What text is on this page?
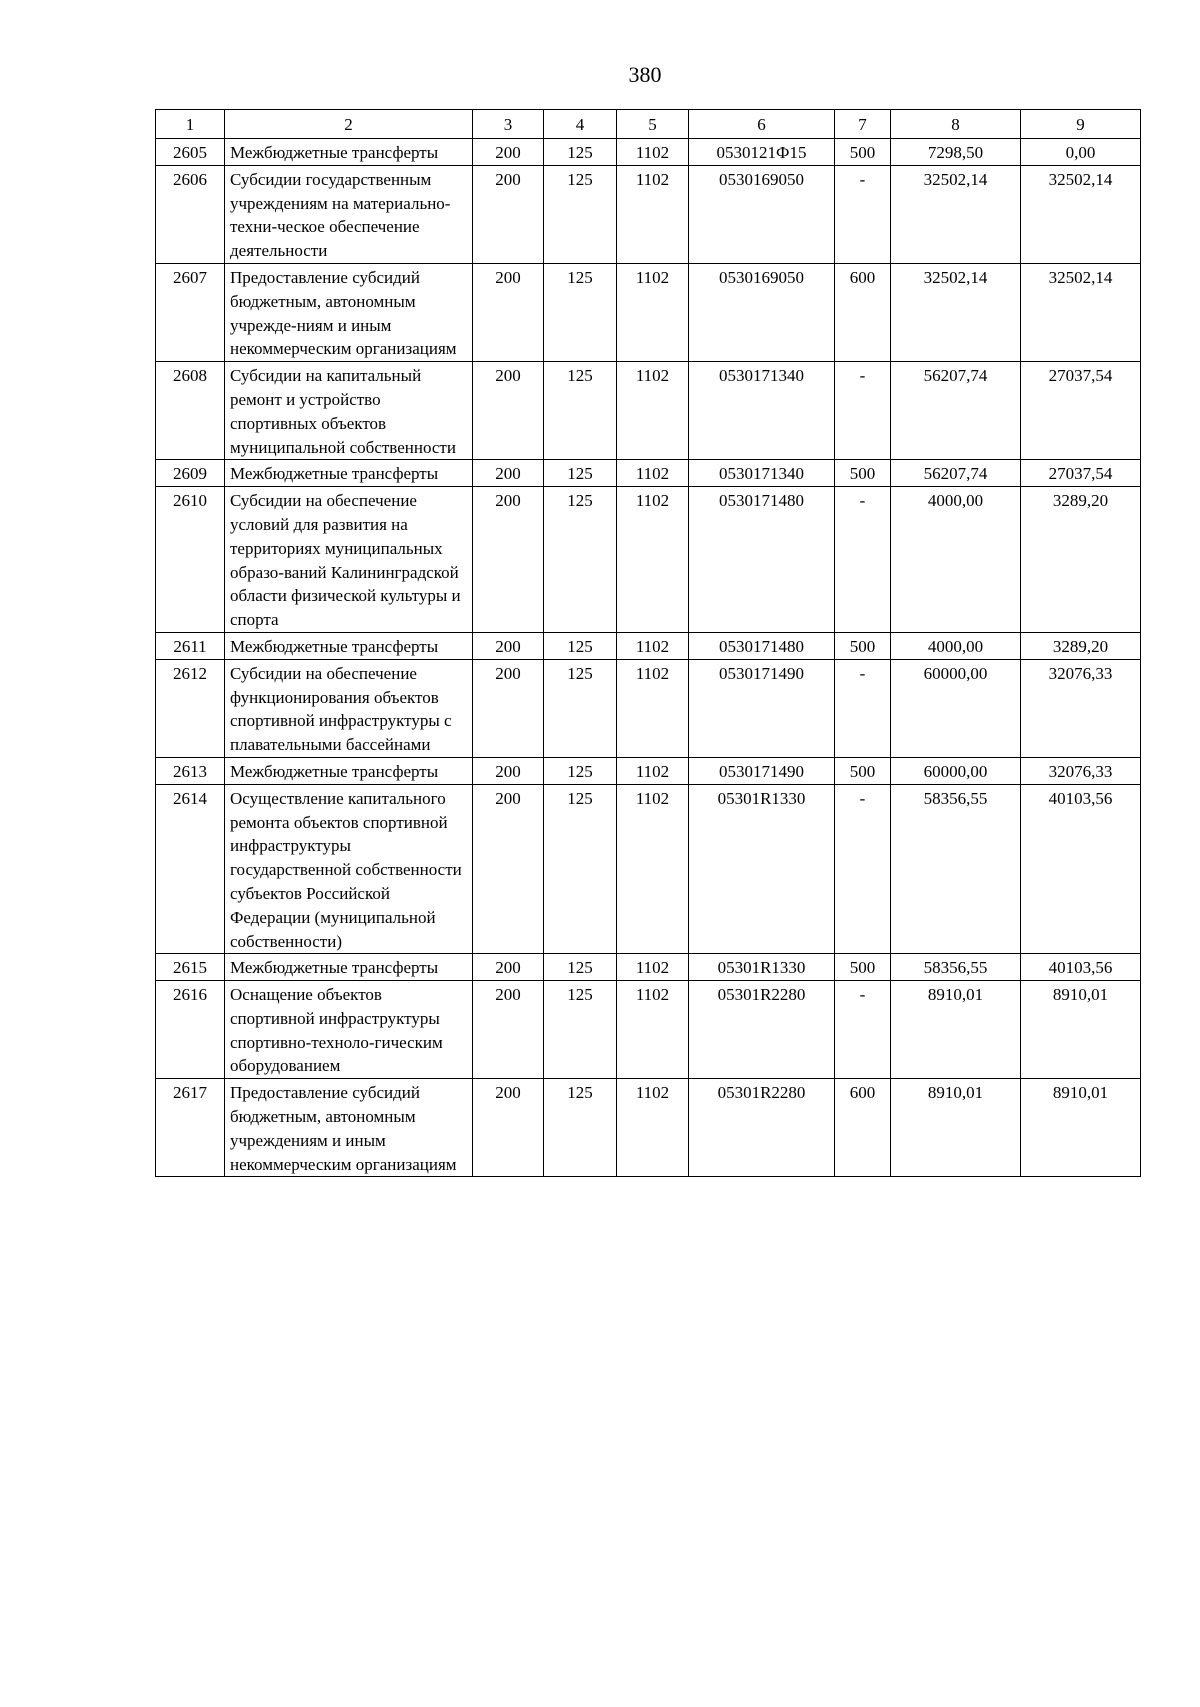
380
1	2	3	4	5	6	7	8	9
2605	Межбюджетные трансферты	200	125	1102	0530121Ф15	500	7298,50	0,00
2606	Субсидии государственным учреждениям на материально-техни-ческое обеспечение деятельности	200	125	1102	0530169050	-	32502,14	32502,14
2607	Предоставление субсидий бюджетным, автономным учрежде-ниям и иным некоммерческим организациям	200	125	1102	0530169050	600	32502,14	32502,14
2608	Субсидии на капитальный ремонт и устройство спортивных объектов муниципальной собственности	200	125	1102	0530171340	-	56207,74	27037,54
2609	Межбюджетные трансферты	200	125	1102	0530171340	500	56207,74	27037,54
2610	Субсидии на обеспечение условий для развития на территориях муниципальных образо-ваний Калининградской области физической культуры и спорта	200	125	1102	0530171480	-	4000,00	3289,20
2611	Межбюджетные трансферты	200	125	1102	0530171480	500	4000,00	3289,20
2612	Субсидии на обеспечение функционирования объектов спортивной инфраструктуры с плавательными бассейнами	200	125	1102	0530171490	-	60000,00	32076,33
2613	Межбюджетные трансферты	200	125	1102	0530171490	500	60000,00	32076,33
2614	Осуществление капитального ремонта объектов спортивной инфраструктуры государственной собственности субъектов Российской Федерации (муниципальной собственности)	200	125	1102	05301R1330	-	58356,55	40103,56
2615	Межбюджетные трансферты	200	125	1102	05301R1330	500	58356,55	40103,56
2616	Оснащение объектов спортивной инфраструктуры спортивно-техноло-гическим оборудованием	200	125	1102	05301R2280	-	8910,01	8910,01
2617	Предоставление субсидий бюджетным, автономным учреждениям и иным некоммерческим организациям	200	125	1102	05301R2280	600	8910,01	8910,01
